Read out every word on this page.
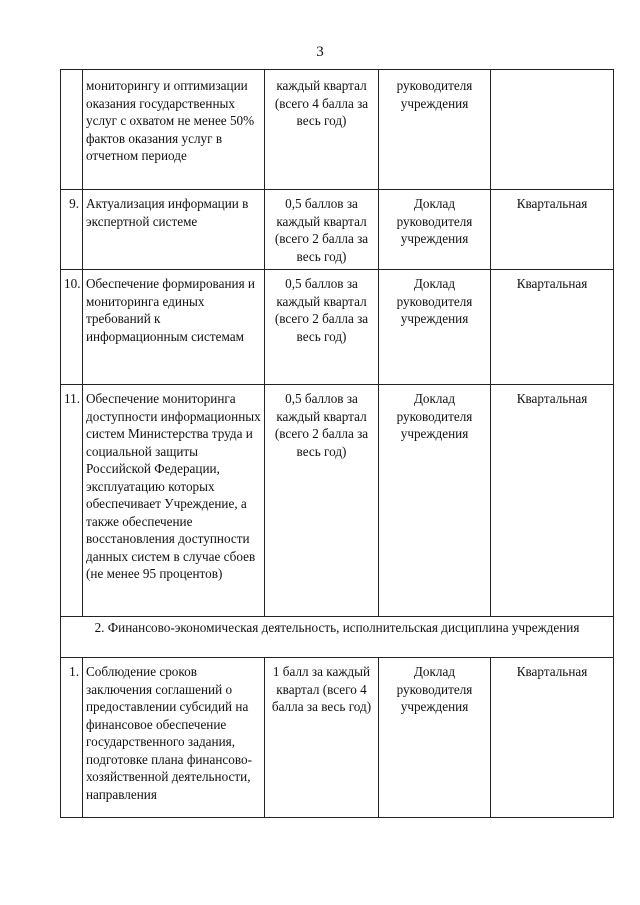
3
	мониторингу и оптимизации оказания государственных услуг с охватом не менее 50% фактов оказания услуг в отчетном периоде	каждый квартал (всего 4 балла за весь год)	руководителя учреждения	
9.	Актуализация информации в экспертной системе	0,5 баллов за каждый квартал (всего 2 балла за весь год)	Доклад руководителя учреждения	Квартальная
10.	Обеспечение формирования и мониторинга единых требований к информационным системам	0,5 баллов за каждый квартал (всего 2 балла за весь год)	Доклад руководителя учреждения	Квартальная
11.	Обеспечение мониторинга доступности информационных систем Министерства труда и социальной защиты Российской Федерации, эксплуатацию которых обеспечивает Учреждение, а также обеспечение восстановления доступности данных систем в случае сбоев (не менее 95 процентов)	0,5 баллов за каждый квартал (всего 2 балла за весь год)	Доклад руководителя учреждения	Квартальная
2. Финансово-экономическая деятельность, исполнительская дисциплина учреждения				
1.	Соблюдение сроков заключения соглашений о предоставлении субсидий на финансовое обеспечение государственного задания, подготовке плана финансово-хозяйственной деятельности, направления	1 балл за каждый квартал (всего 4 балла за весь год)	Доклад руководителя учреждения	Квартальная
